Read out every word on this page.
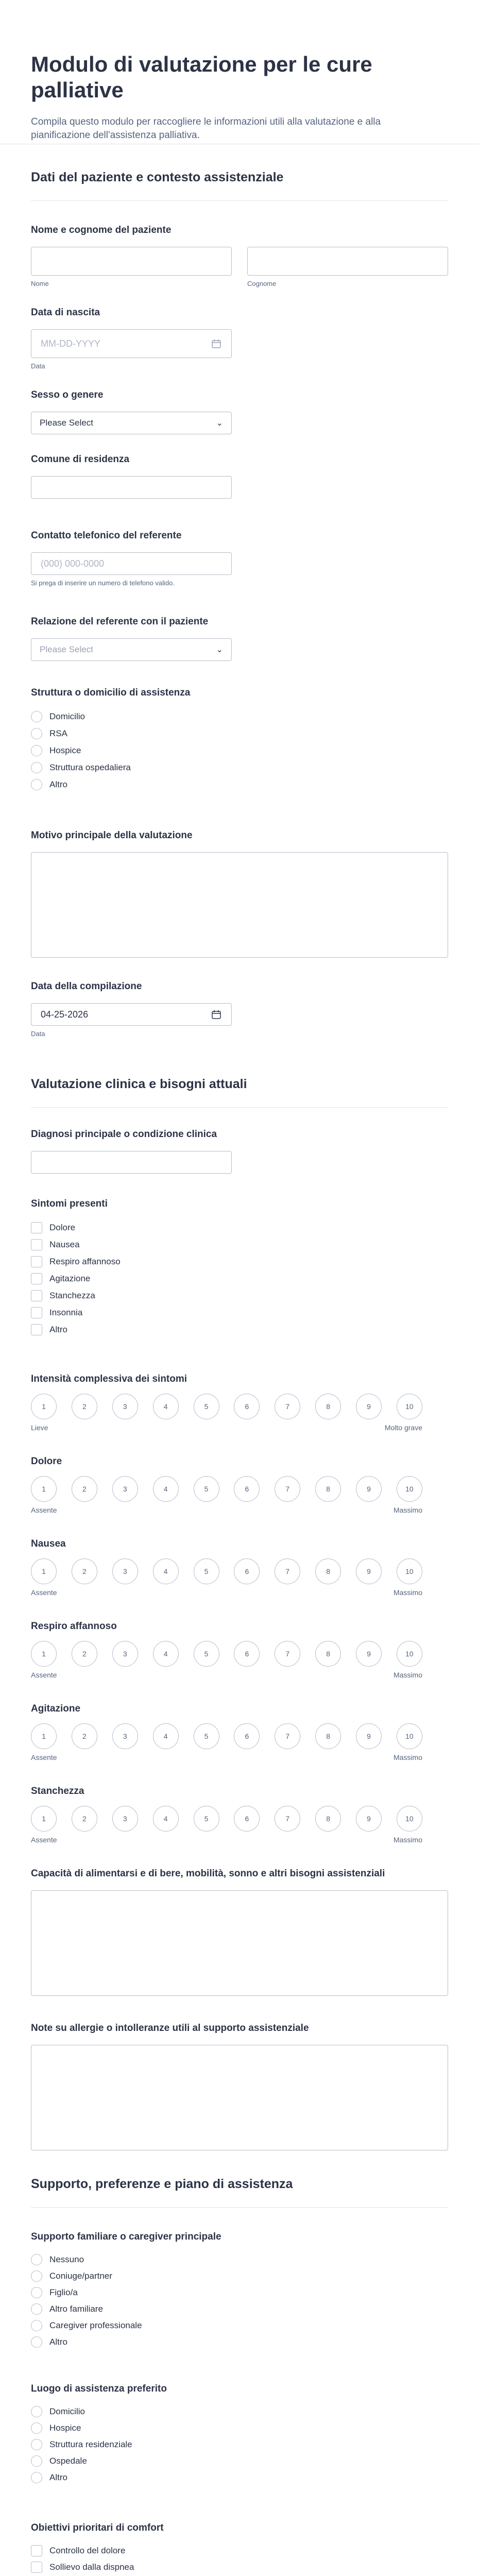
Modulo di valutazione per le cure palliative
Compila questo modulo per raccogliere le informazioni utili alla valutazione e alla pianificazione dell'assistenza palliativa.
Dati del paziente e contesto assistenziale
Nome e cognome del paziente
Nome	Cognome
Data di nascita
MM-DD-YYYY
Data
Sesso o genere
Please Select	⌄
Comune di residenza
Contatto telefonico del referente
(000) 000-0000
Si prega di inserire un numero di telefono valido.
Relazione del referente con il paziente
Please Select	⌄
Struttura o domicilio di assistenza
Domicilio
RSA
Hospice
Struttura ospedaliera
Altro
Motivo principale della valutazione
Data della compilazione
04-25-2026
Data
Valutazione clinica e bisogni attuali
Diagnosi principale o condizione clinica
Sintomi presenti
Dolore
Nausea
Respiro affannoso
Agitazione
Stanchezza
Insonnia
Altro
Intensità complessiva dei sintomi
1	2	3	4	5	6	7	8	9	10
Lieve	Molto grave
Dolore
1	2	3	4	5	6	7	8	9	10
Assente	Massimo
Nausea
1	2	3	4	5	6	7	8	9	10
Assente	Massimo
Respiro affannoso
1	2	3	4	5	6	7	8	9	10
Assente	Massimo
Agitazione
1	2	3	4	5	6	7	8	9	10
Assente	Massimo
Stanchezza
1	2	3	4	5	6	7	8	9	10
Assente	Massimo
Capacità di alimentarsi e di bere, mobilità, sonno e altri bisogni assistenziali
Note su allergie o intolleranze utili al supporto assistenziale
Supporto, preferenze e piano di assistenza
Supporto familiare o caregiver principale
Nessuno
Coniuge/partner
Figlio/a
Altro familiare
Caregiver professionale
Altro
Luogo di assistenza preferito
Domicilio
Hospice
Struttura residenziale
Ospedale
Altro
Obiettivi prioritari di comfort
Controllo del dolore
Sollievo dalla dispnea
